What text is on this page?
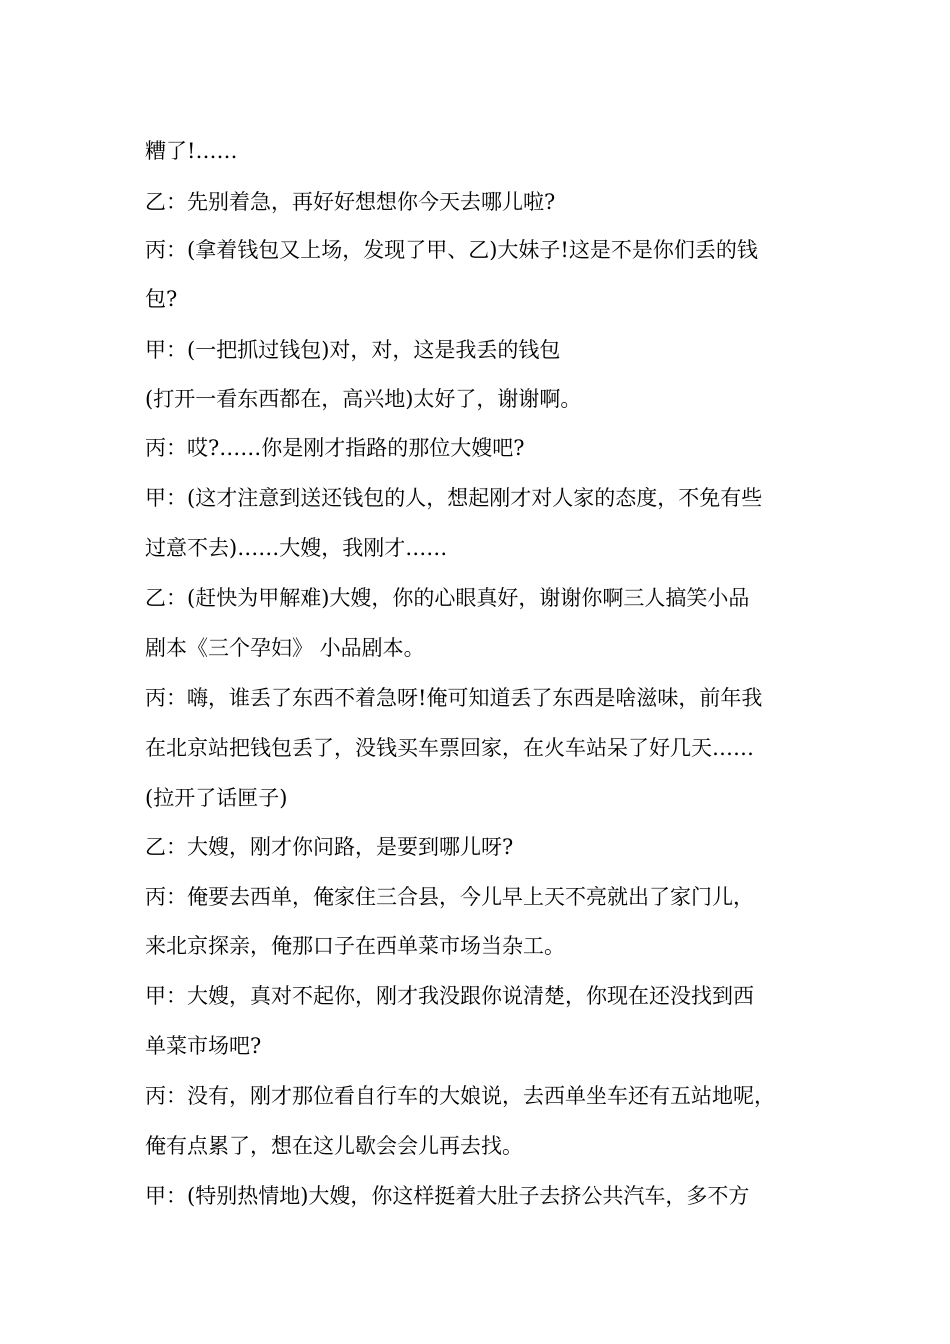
糟了!……
乙：先别着急，再好好想想你今天去哪儿啦?
丙：(拿着钱包又上场，发现了甲、乙)大妹子!这是不是你们丢的钱
包?
甲：(一把抓过钱包)对，对，这是我丢的钱包
(打开一看东西都在，高兴地)太好了，谢谢啊。
丙：哎?……你是刚才指路的那位大嫂吧?
甲：(这才注意到送还钱包的人，想起刚才对人家的态度，不免有些
过意不去)……大嫂，我刚才……
乙：(赶快为甲解难)大嫂，你的心眼真好，谢谢你啊三人搞笑小品
剧本《三个孕妇》 小品剧本。
丙：嗨，谁丢了东西不着急呀!俺可知道丢了东西是啥滋味，前年我
在北京站把钱包丢了，没钱买车票回家，在火车站呆了好几天……
(拉开了话匣子)
乙：大嫂，刚才你问路，是要到哪儿呀?
丙：俺要去西单，俺家住三合县，今儿早上天不亮就出了家门儿，
来北京探亲，俺那口子在西单菜市场当杂工。
甲：大嫂，真对不起你，刚才我没跟你说清楚，你现在还没找到西
单菜市场吧?
丙：没有，刚才那位看自行车的大娘说，去西单坐车还有五站地呢，
俺有点累了，想在这儿歇会会儿再去找。
甲：(特别热情地)大嫂，你这样挺着大肚子去挤公共汽车，多不方
